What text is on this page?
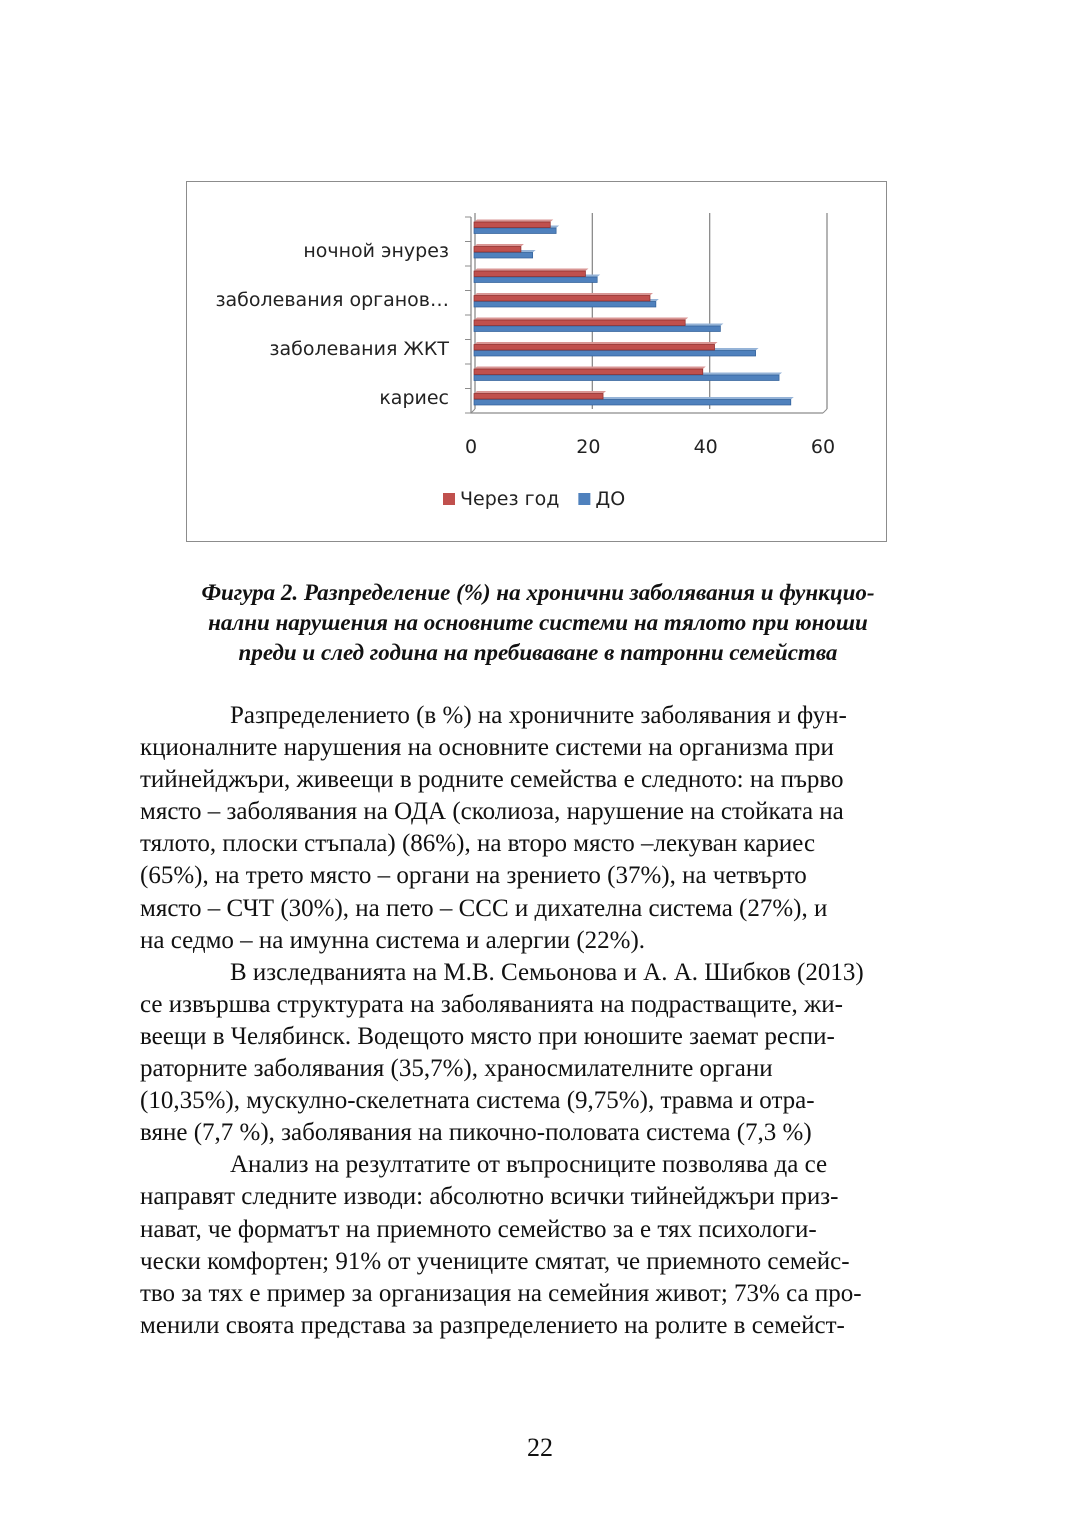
0	20	40	60
кариес
заболевания ЖКТ
заболевания органов…
ночной энурез
Через год ДО
Фигура 2. Разпределение (%) на хронични заболявания и функцио-
нални нарушения на основните системи на тялото при юноши
преди и след година на пребиваване в патронни семейства
Разпределението (в %) на хроничните заболявания и фун-
кционалните нарушения на основните системи на организма при
тийнейджъри, живеещи в родните семейства е следното: на първо
място – заболявания на ОДА (сколиоза, нарушение на стойката на
тялото, плоски стъпала) (86%), на второ място –лекуван кариес
(65%), на трето място – органи на зрението (37%), на четвърто
място – СЧТ (30%), на пето – ССС и дихателна система (27%), и
на седмо – на имунна система и алергии (22%).
В изследванията на М.В. Семьонова и А. А. Шибков (2013)
се извършва структурата на заболяванията на подрастващите, жи-
веещи в Челябинск. Водещото място при юношите заемат респи-
раторните заболявания (35,7%), храносмилателните органи
(10,35%), мускулно-скелетната система (9,75%), травма и отра-
вяне (7,7 %), заболявания на пикочно-половата система (7,3 %)
Анализ на резултатите от въпросниците позволява да се
направят следните изводи: абсолютно всички тийнейджъри приз-
нават, че форматът на приемното семейство за е тях психологи-
чески комфортен; 91% от учениците смятат, че приемното семейс-
тво за тях е пример за организация на семейния живот; 73% са про-
менили своята представа за разпределението на ролите в семейст-
22
